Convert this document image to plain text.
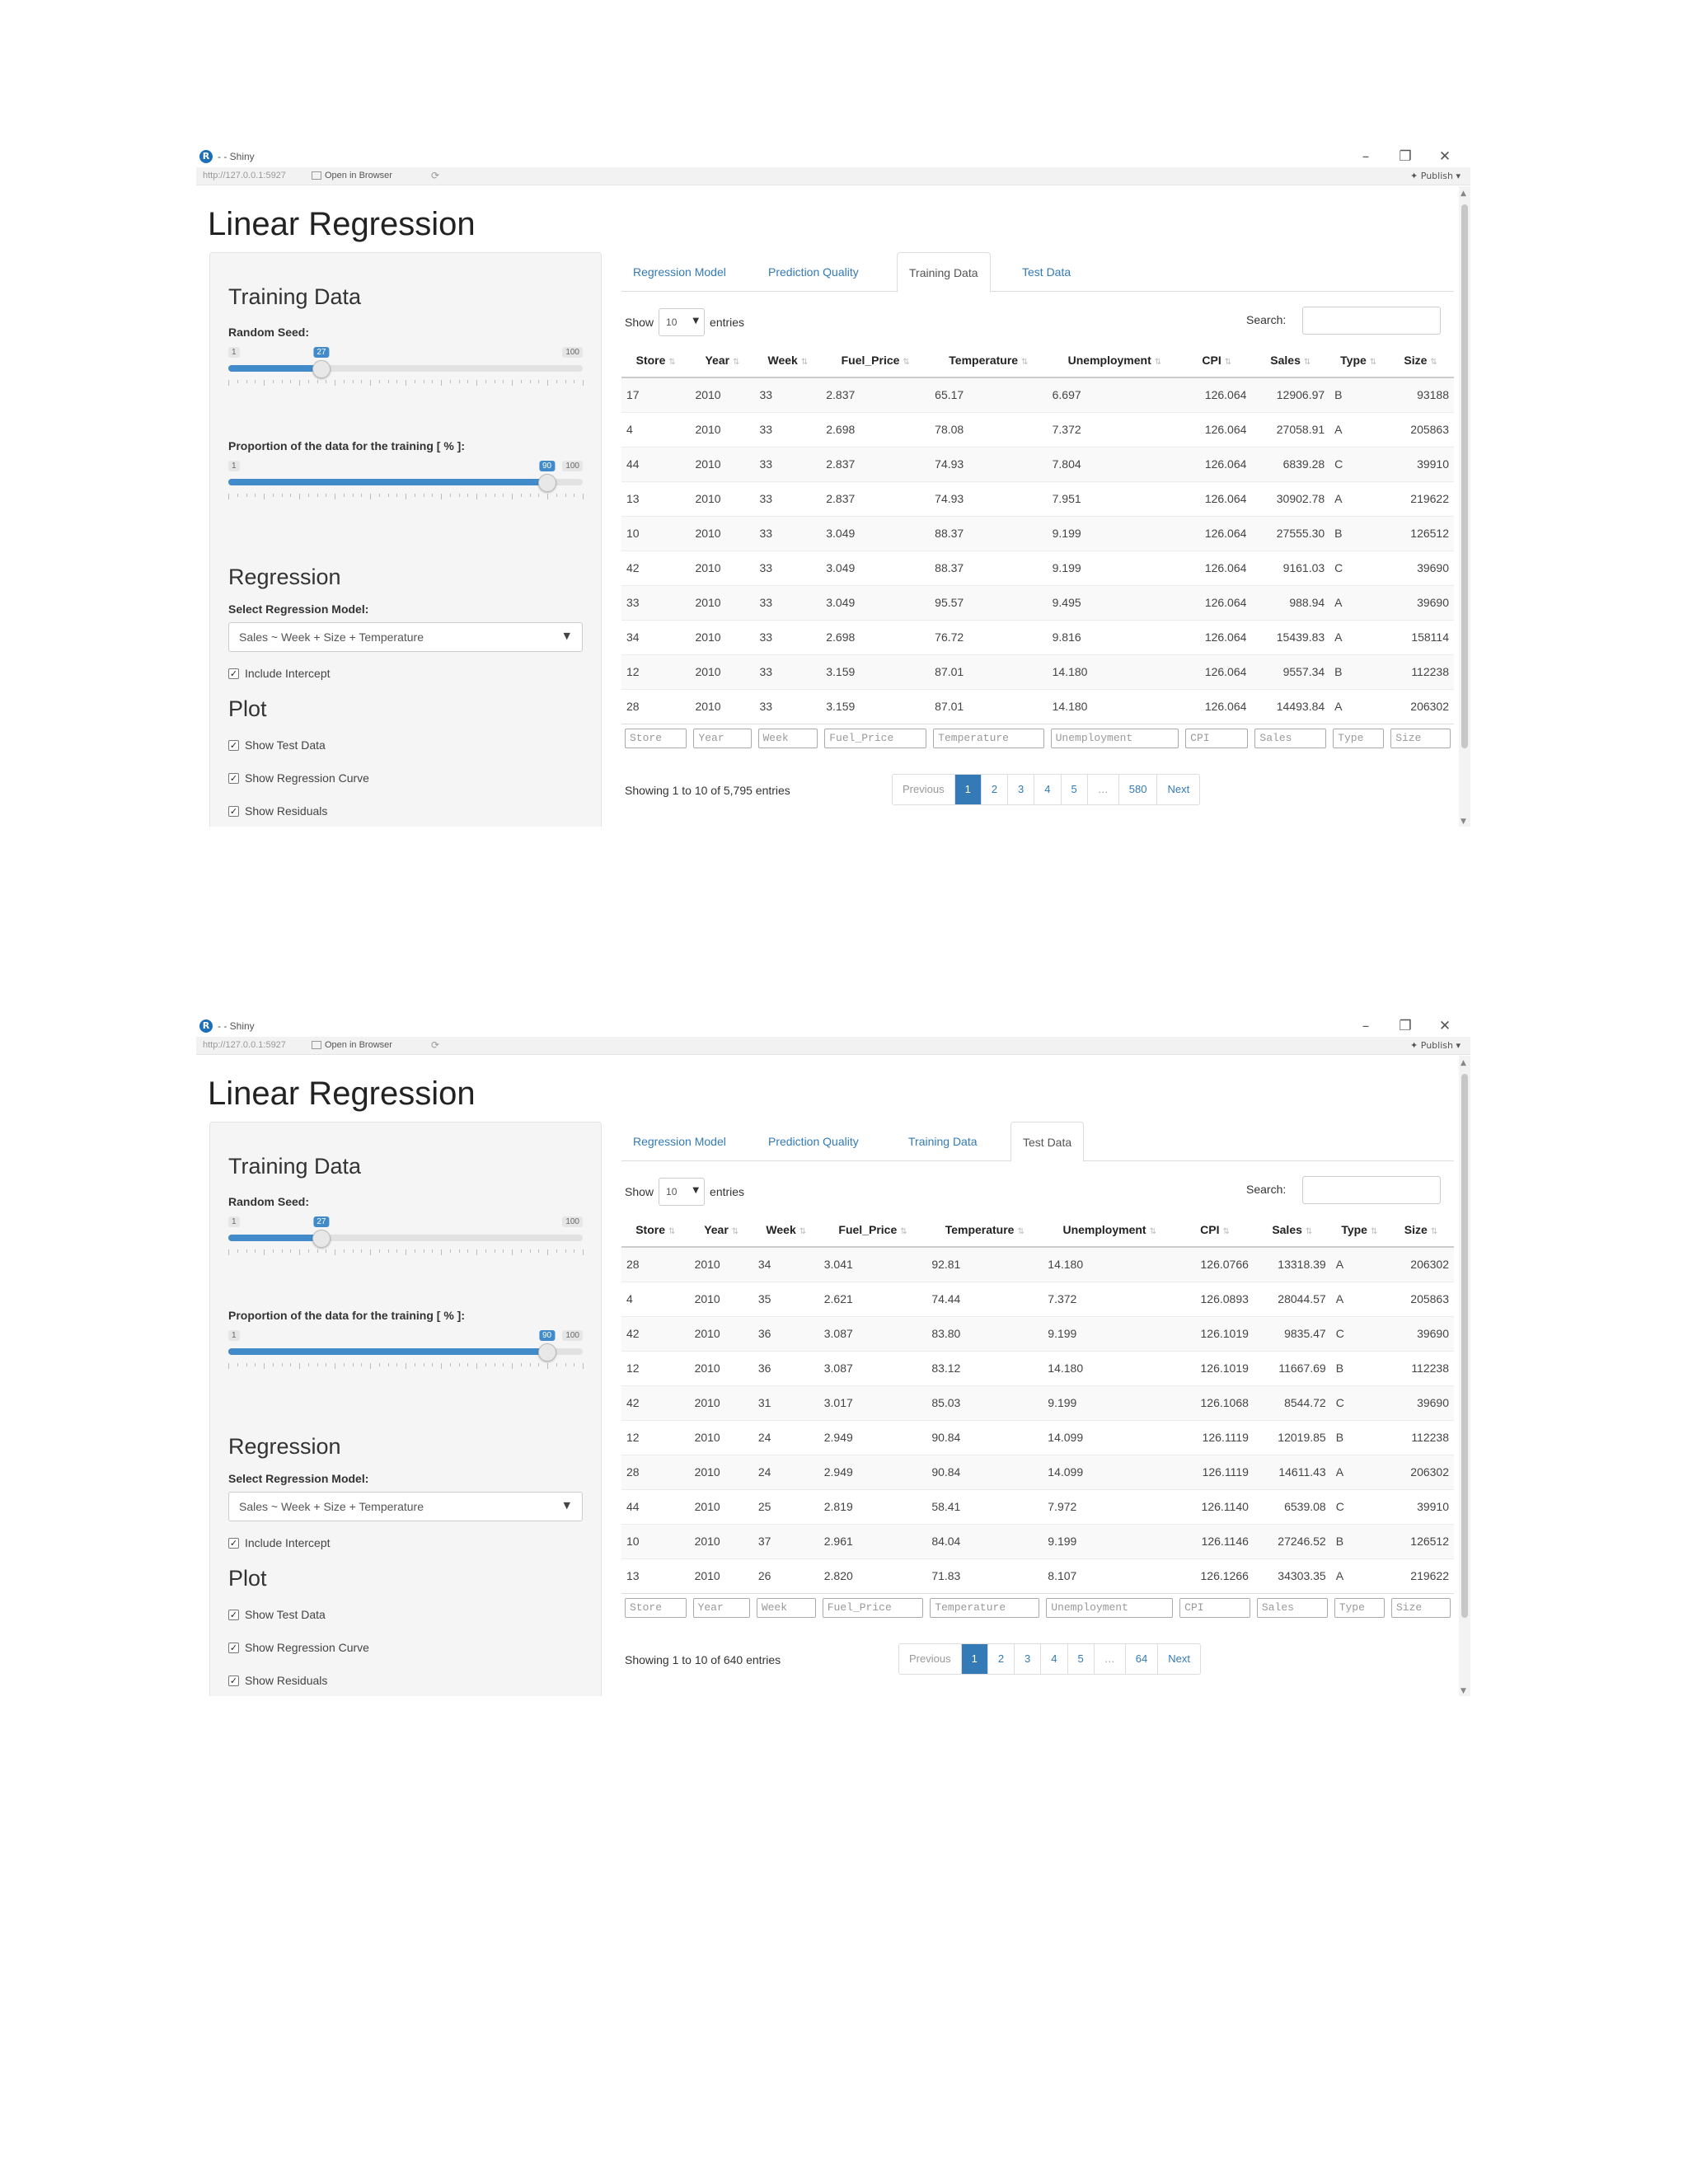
R - - Shiny	–	❐ ✕
http://127.0.0.1:5927	Open in Browser	⟳	✦ Publish ▾
▲
▼
Linear Regression
Training Data
Random Seed:
1	100
27
Proportion of the data for the training [ % ]:
1	100
90
Regression
Select Regression Model:
Sales ~ Week + Size + Temperature	▼
✓ Include Intercept
Plot
✓ Show Test Data
✓ Show Regression Curve
✓ Show Residuals
Regression Model	Prediction Quality	Training Data	Test Data
Show	10 ▼ entries	Search:
Store ⇅	Year ⇅	Week ⇅	Fuel_Price ⇅	Temperature ⇅	Unemployment ⇅	CPI ⇅	Sales ⇅	Type ⇅	Size ⇅
17	2010	33	2.837	65.17	6.697	126.064	12906.97	B	93188
4	2010	33	2.698	78.08	7.372	126.064	27058.91	A	205863
44	2010	33	2.837	74.93	7.804	126.064	6839.28	C	39910
13	2010	33	2.837	74.93	7.951	126.064	30902.78	A	219622
10	2010	33	3.049	88.37	9.199	126.064	27555.30	B	126512
42	2010	33	3.049	88.37	9.199	126.064	9161.03	C	39690
33	2010	33	3.049	95.57	9.495	126.064	988.94	A	39690
34	2010	33	2.698	76.72	9.816	126.064	15439.83	A	158114
12	2010	33	3.159	87.01	14.180	126.064	9557.34	B	112238
28	2010	33	3.159	87.01	14.180	126.064	14493.84	A	206302

Store	Year	Week	Fuel_Price	Temperature	Unemployment	CPI	Sales	Type	Size
Showing 1 to 10 of 5,795 entries	Previous	1	2	3	4	5	…	580	Next
R - - Shiny	–	❐ ✕
http://127.0.0.1:5927	Open in Browser	⟳	✦ Publish ▾
▲
▼
Linear Regression
Training Data
Random Seed:
1	100
27
Proportion of the data for the training [ % ]:
1	100
90
Regression
Select Regression Model:
Sales ~ Week + Size + Temperature	▼
✓ Include Intercept
Plot
✓ Show Test Data
✓ Show Regression Curve
✓ Show Residuals
Regression Model	Prediction Quality	Training Data	Test Data
Show	10 ▼ entries	Search:
Store ⇅	Year ⇅	Week ⇅	Fuel_Price ⇅	Temperature ⇅	Unemployment ⇅	CPI ⇅	Sales ⇅	Type ⇅	Size ⇅
28	2010	34	3.041	92.81	14.180	126.0766	13318.39	A	206302
4	2010	35	2.621	74.44	7.372	126.0893	28044.57	A	205863
42	2010	36	3.087	83.80	9.199	126.1019	9835.47	C	39690
12	2010	36	3.087	83.12	14.180	126.1019	11667.69	B	112238
42	2010	31	3.017	85.03	9.199	126.1068	8544.72	C	39690
12	2010	24	2.949	90.84	14.099	126.1119	12019.85	B	112238
28	2010	24	2.949	90.84	14.099	126.1119	14611.43	A	206302
44	2010	25	2.819	58.41	7.972	126.1140	6539.08	C	39910
10	2010	37	2.961	84.04	9.199	126.1146	27246.52	B	126512
13	2010	26	2.820	71.83	8.107	126.1266	34303.35	A	219622

Store	Year	Week	Fuel_Price	Temperature	Unemployment	CPI	Sales	Type	Size
Showing 1 to 10 of 640 entries	Previous	1	2	3	4	5	…	64	Next
